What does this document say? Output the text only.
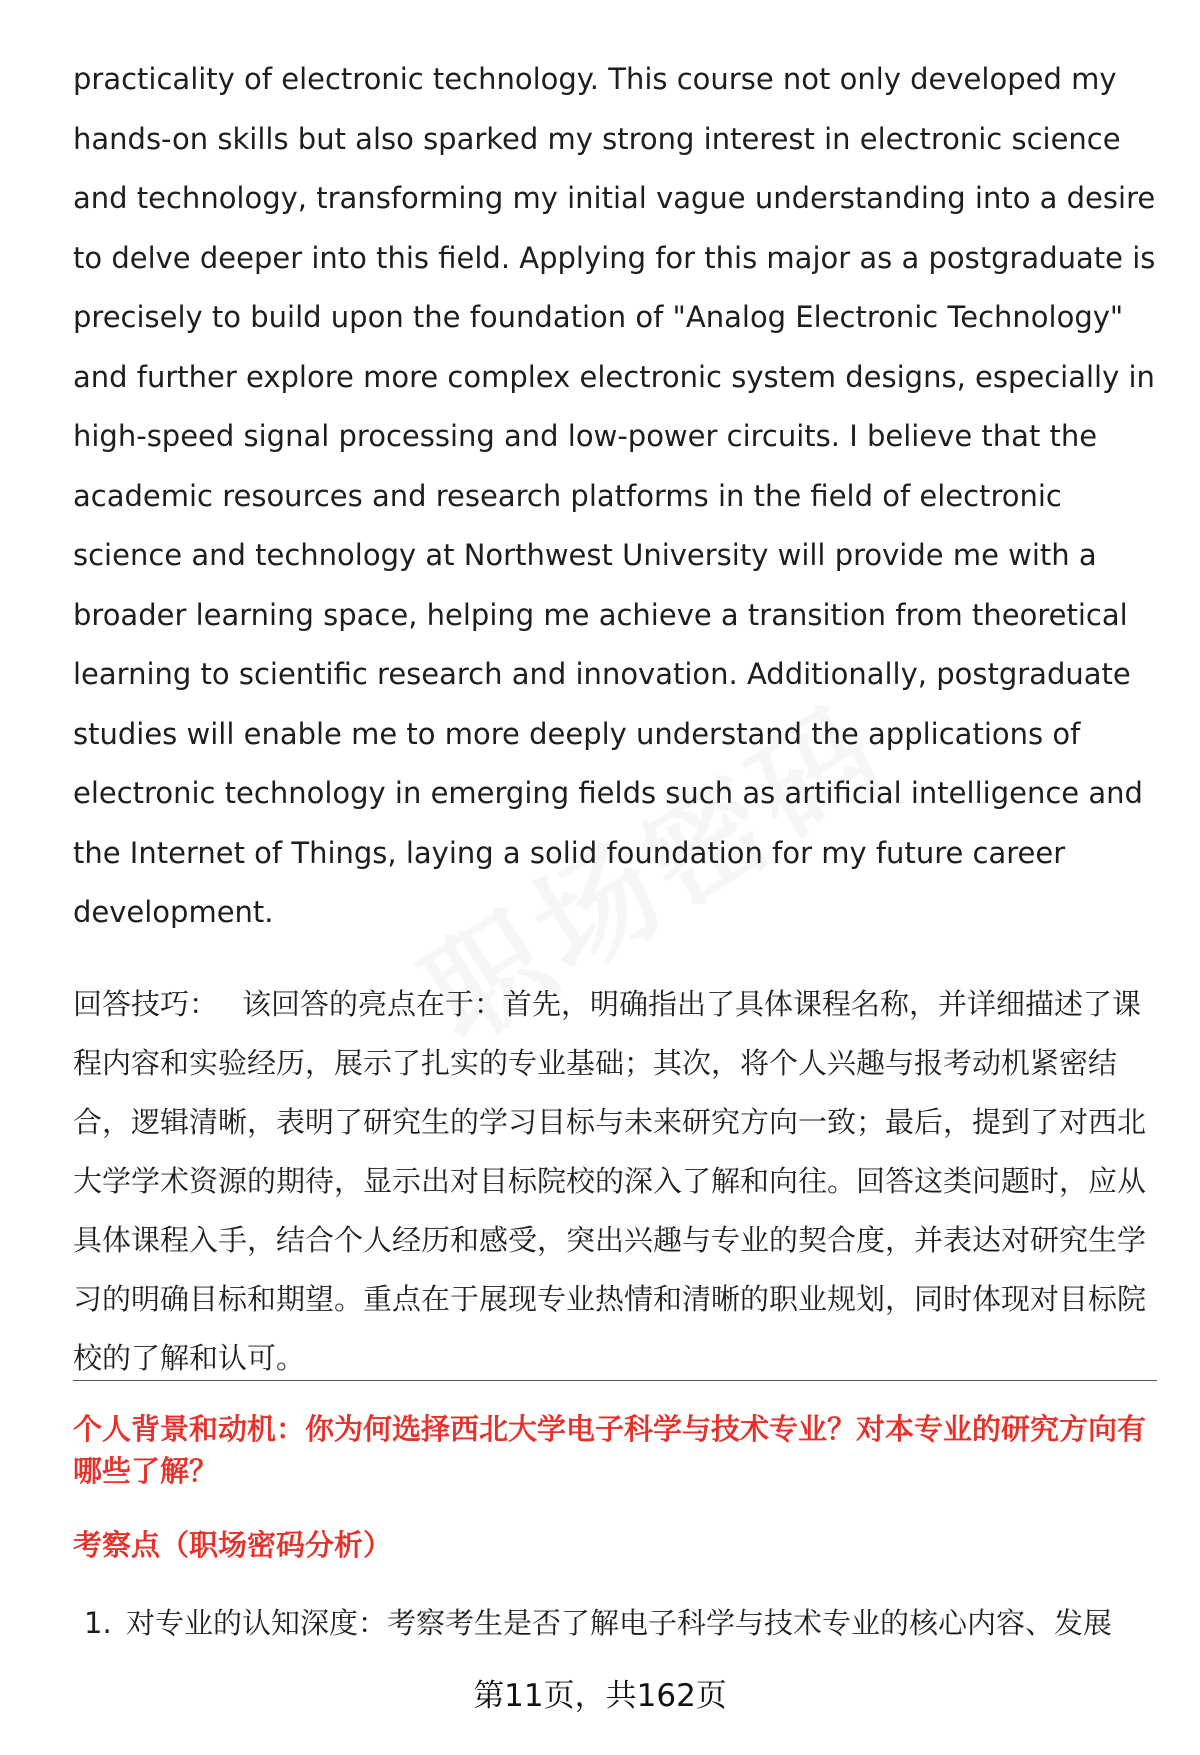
practicality of electronic technology. This course not only developed my hands-on skills but also sparked my strong interest in electronic science and technology, transforming my initial vague understanding into a desire to delve deeper into this field. Applying for this major as a postgraduate is precisely to build upon the foundation of "Analog Electronic Technology" and further explore more complex electronic system designs, especially in high-speed signal processing and low-power circuits. I believe that the academic resources and research platforms in the field of electronic science and technology at Northwest University will provide me with a broader learning space, helping me achieve a transition from theoretical learning to scientific research and innovation. Additionally, postgraduate studies will enable me to more deeply understand the applications of electronic technology in emerging fields such as artificial intelligence and the Internet of Things, laying a solid foundation for my future career development.

回答技巧： 该回答的亮点在于：首先，明确指出了具体课程名称，并详细描述了课程内容和实验经历，展示了扎实的专业基础；其次，将个人兴趣与报考动机紧密结合，逻辑清晰，表明了研究生的学习目标与未来研究方向一致；最后，提到了对西北大学学术资源的期待，显示出对目标院校的深入了解和向往。回答这类问题时，应从具体课程入手，结合个人经历和感受，突出兴趣与专业的契合度，并表达对研究生学习的明确目标和期望。重点在于展现专业热情和清晰的职业规划，同时体现对目标院校的了解和认可。

个人背景和动机：你为何选择西北大学电子科学与技术专业？对本专业的研究方向有哪些了解？
考察点（职场密码分析）
1. 对专业的认知深度：考察考生是否了解电子科学与技术专业的核心内容、发展
第11页，共162页
